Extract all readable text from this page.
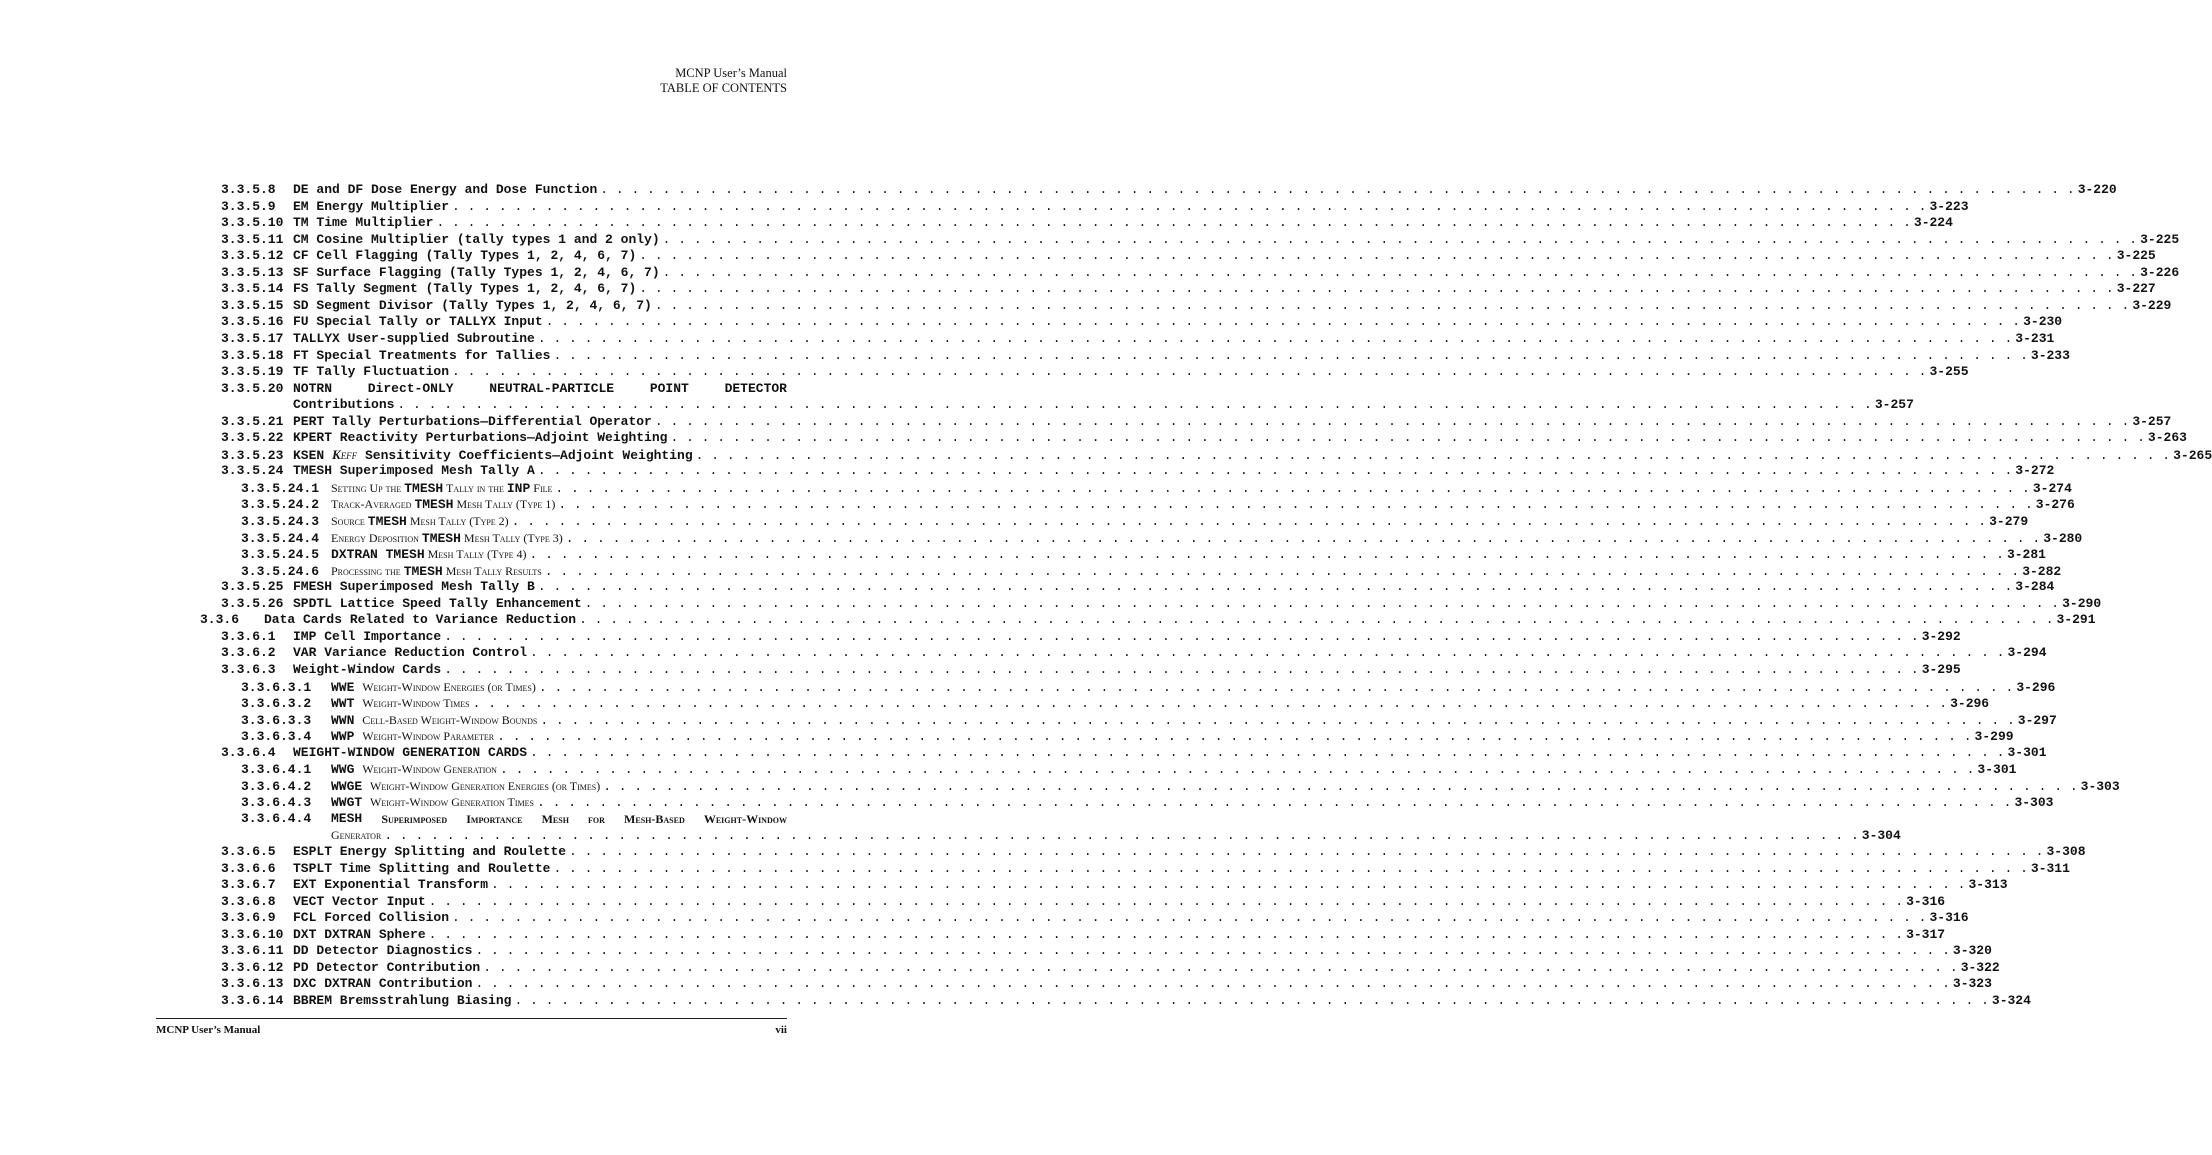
MCNP User’s Manual
TABLE OF CONTENTS
3.3.5.8	DE and DF Dose Energy and Dose Function . . .	3-220
3.3.5.9	EM Energy Multiplier . . .	3-223
3.3.5.10 TM Time Multiplier . . .	3-224
3.3.5.11 CM Cosine Multiplier (tally types 1 and 2 only) . . .	3-225
3.3.5.12 CF Cell Flagging (Tally Types 1, 2, 4, 6, 7) . . .	3-225
3.3.5.13 SF Surface Flagging (Tally Types 1, 2, 4, 6, 7) . . .	3-226
3.3.5.14 FS Tally Segment (Tally Types 1, 2, 4, 6, 7) . . .	3-227
3.3.5.15 SD Segment Divisor (Tally Types 1, 2, 4, 6, 7) . . .	3-229
3.3.5.16 FU Special Tally or TALLYX Input . . .	3-230
3.3.5.17 TALLYX User-supplied Subroutine . . .	3-231
3.3.5.18 FT Special Treatments for Tallies . . .	3-233
3.3.5.19 TF Tally Fluctuation . . .	3-255
3.3.5.20 NOTRN	Direct-ONLY	NEUTRAL-PARTICLE	POINT	DETECTOR
Contributions . . .	3-257
3.3.5.21 PERT Tally Perturbations—Differential Operator . . .	3-257
3.3.5.22 KPERT Reactivity Perturbations—Adjoint Weighting . . .	3-263
3.3.5.23 KSEN KEFF Sensitivity Coefficients—Adjoint Weighting . . .	3-265
3.3.5.24 TMESH Superimposed Mesh Tally A . . .	3-272
3.3.5.24.1 Setting Up the TMESH Tally in the INP File . . .	3-274
3.3.5.24.2 Track-Averaged TMESH Mesh Tally (Type 1) . . .	3-276
3.3.5.24.3 Source TMESH Mesh Tally (Type 2) . . .	3-279
3.3.5.24.4 Energy Deposition TMESH Mesh Tally (Type 3) . . .	3-280
3.3.5.24.5 DXTRAN TMESH Mesh Tally (Type 4) . . .	3-281
3.3.5.24.6 Processing the TMESH Mesh Tally Results . . .	3-282
3.3.5.25 FMESH Superimposed Mesh Tally B . . .	3-284
3.3.5.26 SPDTL Lattice Speed Tally Enhancement . . .	3-290
3.3.6	Data Cards Related to Variance Reduction . . .	3-291
3.3.6.1	IMP Cell Importance . . .	3-292
3.3.6.2	VAR Variance Reduction Control . . .	3-294
3.3.6.3	Weight-Window Cards . . .	3-295
3.3.6.3.1	WWE Weight-Window Energies (or Times) . . .	3-296
3.3.6.3.2	WWT Weight-Window Times . . .	3-296
3.3.6.3.3	WWN Cell-Based Weight-Window Bounds . . .	3-297
3.3.6.3.4	WWP Weight-Window Parameter . . .	3-299
3.3.6.4	WEIGHT-WINDOW GENERATION CARDS . . .	3-301
3.3.6.4.1	WWG Weight-Window Generation . . .	3-301
3.3.6.4.2	WWGE Weight-Window Generation Energies (or Times) . . .	3-303
3.3.6.4.3	WWGT Weight-Window Generation Times . . .	3-303
3.3.6.4.4	MESH Superimposed Importance Mesh for Mesh-Based Weight-Window
Generator . . .	3-304
3.3.6.5	ESPLT Energy Splitting and Roulette . . .	3-308
3.3.6.6	TSPLT Time Splitting and Roulette . . .	3-311
3.3.6.7	EXT Exponential Transform . . .	3-313
3.3.6.8	VECT Vector Input . . .	3-316
3.3.6.9	FCL Forced Collision . . .	3-316
3.3.6.10 DXT DXTRAN Sphere . . .	3-317
3.3.6.11 DD Detector Diagnostics . . .	3-320
3.3.6.12 PD Detector Contribution . . .	3-322
3.3.6.13 DXC DXTRAN Contribution . . .	3-323
3.3.6.14 BBREM Bremsstrahlung Biasing . . .	3-324
MCNP User’s Manual	vii
